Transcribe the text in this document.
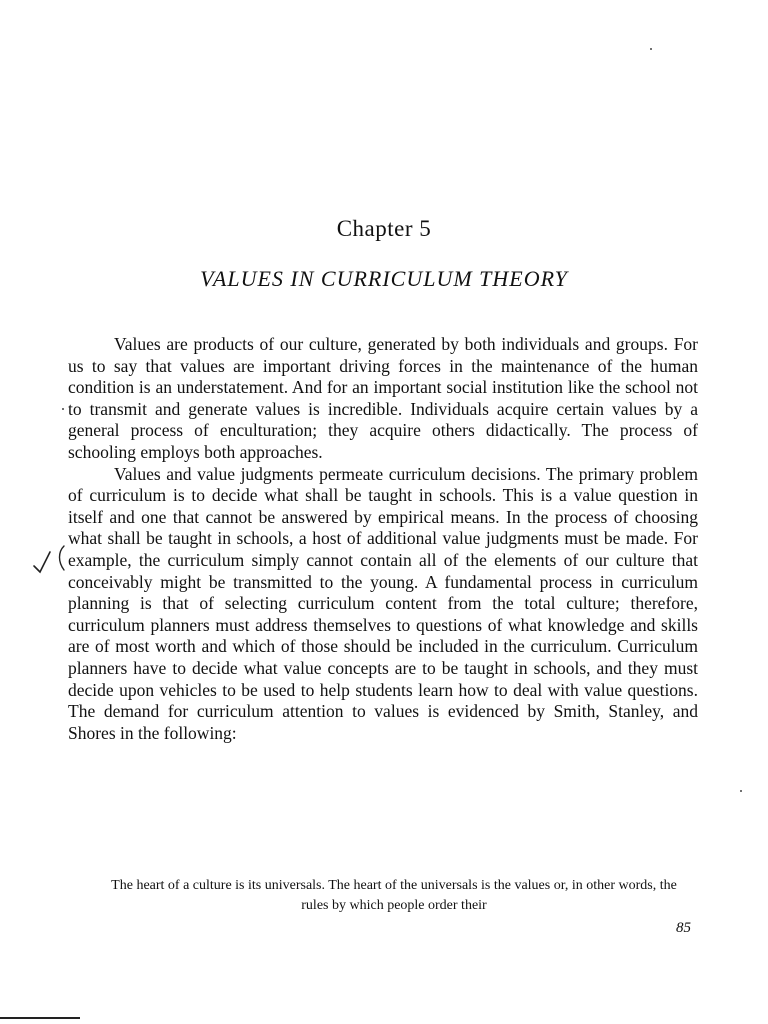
Chapter 5
VALUES IN CURRICULUM THEORY

Values are products of our culture, generated by both individuals and groups. For us to say that values are important driving forces in the maintenance of the human condition is an understatement. And for an important social institution like the school not to transmit and generate values is incredible. Individuals acquire certain values by a general process of enculturation; they acquire others didactically. The process of schooling employs both approaches.

Values and value judgments permeate curriculum decisions. The primary problem of curriculum is to decide what shall be taught in schools. This is a value question in itself and one that cannot be answered by empirical means. In the process of choosing what shall be taught in schools, a host of additional value judgments must be made. For example, the curriculum simply cannot contain all of the elements of our culture that conceivably might be transmitted to the young. A fundamental process in curriculum planning is that of selecting curriculum content from the total culture; therefore, curriculum planners must address themselves to questions of what knowledge and skills are of most worth and which of those should be included in the curriculum. Curriculum planners have to decide what value concepts are to be taught in schools, and they must decide upon vehicles to be used to help students learn how to deal with value questions. The demand for curriculum attention to values is evidenced by Smith, Stanley, and Shores in the following:

The heart of a culture is its universals. The heart of the universals is the values or, in other words, the rules by which people order their
85
